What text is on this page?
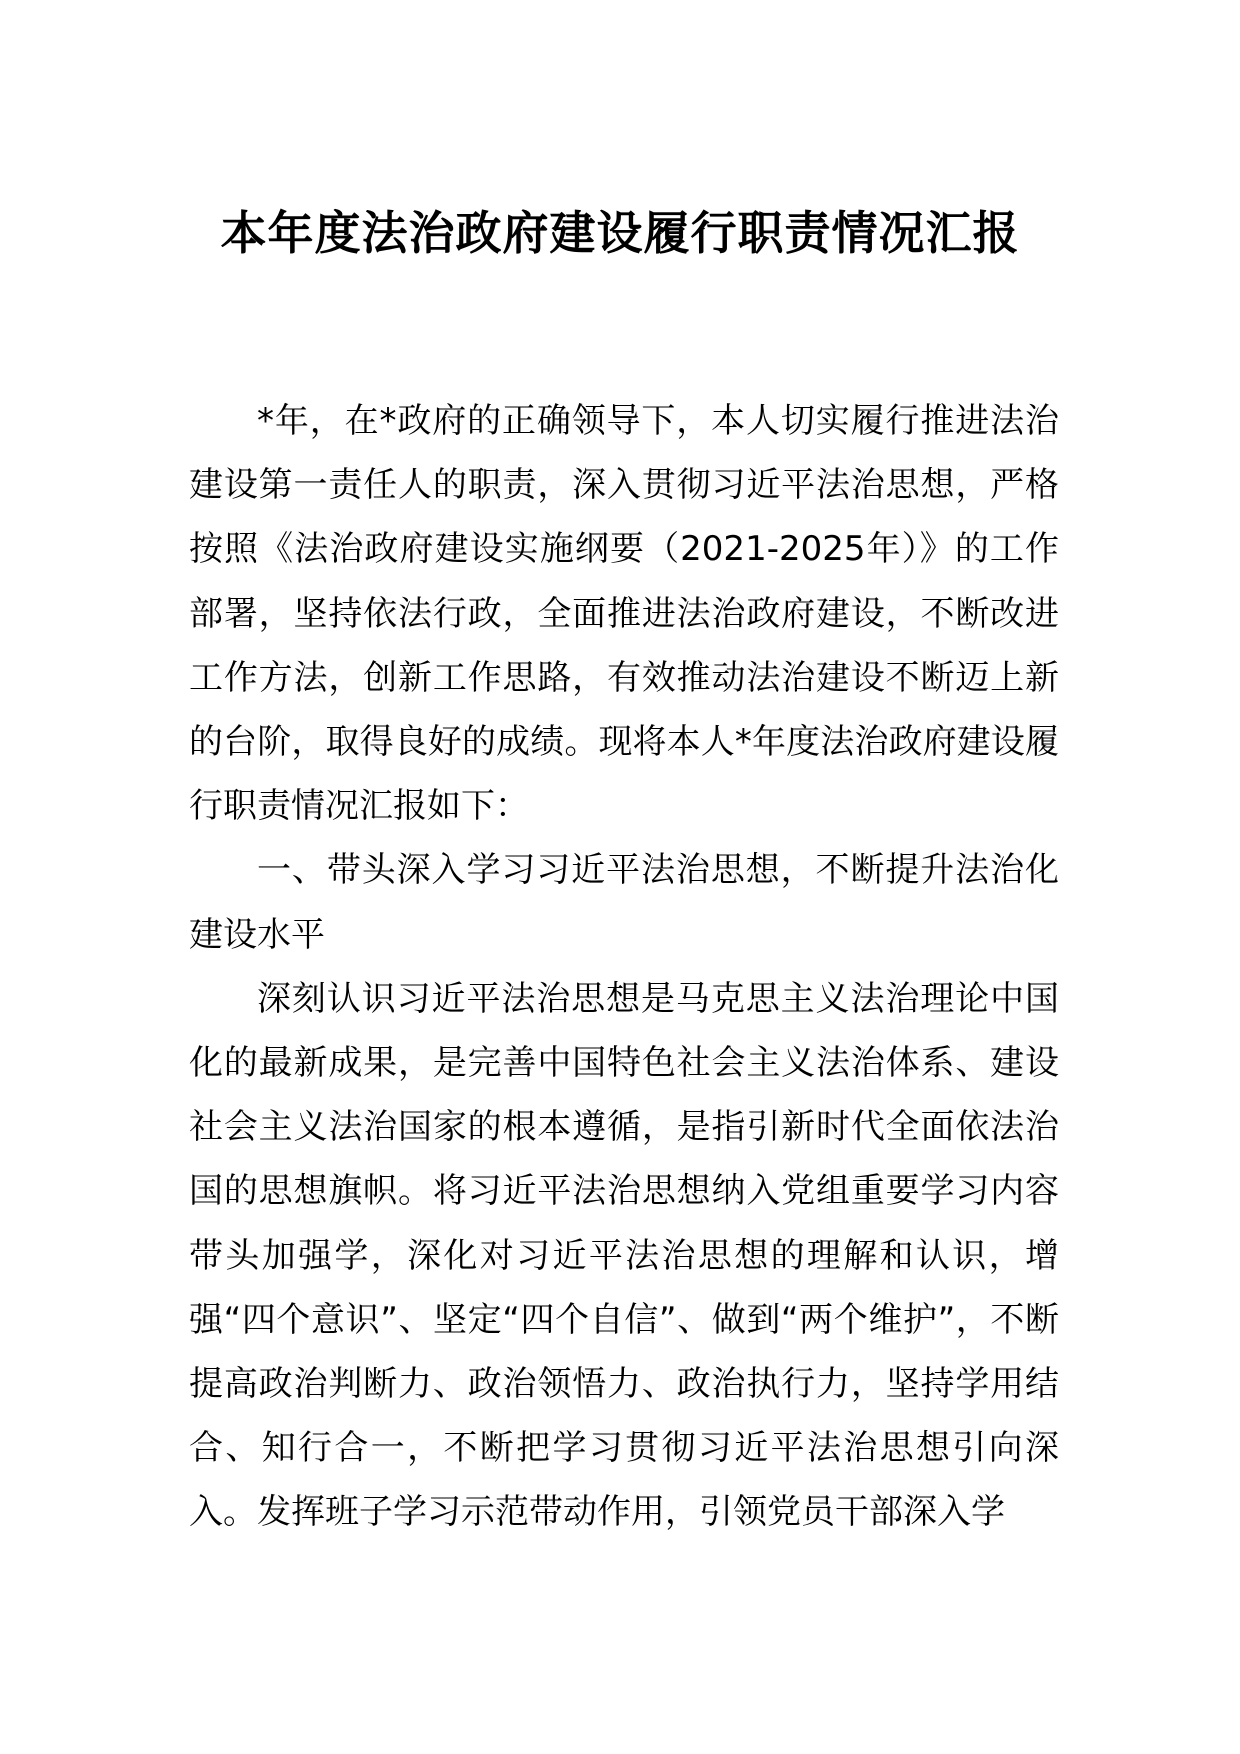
本年度法治政府建设履行职责情况汇报

*年，在*政府的正确领导下，本人切实履行推进法治建设第一责任人的职责，深入贯彻习近平法治思想，严格按照《法治政府建设实施纲要（2021-2025年）》的工作部署，坚持依法行政，全面推进法治政府建设，不断改进工作方法，创新工作思路，有效推动法治建设不断迈上新的台阶，取得良好的成绩。现将本人*年度法治政府建设履行职责情况汇报如下：

一、带头深入学习习近平法治思想，不断提升法治化建设水平

深刻认识习近平法治思想是马克思主义法治理论中国化的最新成果，是完善中国特色社会主义法治体系、建设社会主义法治国家的根本遵循，是指引新时代全面依法治国的思想旗帜。将习近平法治思想纳入党组重要学习内容带头加强学，深化对习近平法治思想的理解和认识，增强“四个意识”、坚定“四个自信”、做到“两个维护”，不断提高政治判断力、政治领悟力、政治执行力，坚持学用结合、知行合一，不断把学习贯彻习近平法治思想引向深入。发挥班子学习示范带动作用，引领党员干部深入学
